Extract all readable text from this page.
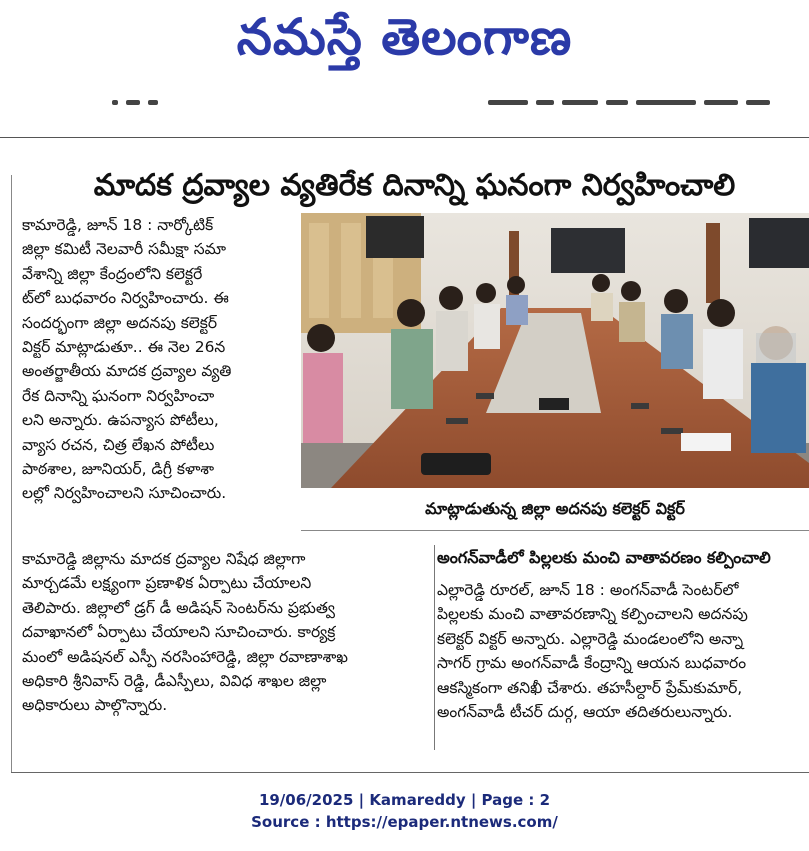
నమస్తే తెలంగాణ
మాదక ద్రవ్యాల వ్యతిరేక దినాన్ని ఘనంగా నిర్వహించాలి
కామారెడ్డి, జూన్ 18 : నార్కోటిక్
జిల్లా కమిటీ నెలవారీ సమీక్షా సమా
వేశాన్ని జిల్లా కేంద్రంలోని కలెక్టరే
ట్‌లో బుధవారం నిర్వహించారు. ఈ
సందర్భంగా జిల్లా అదనపు కలెక్టర్
విక్టర్ మాట్లాడుతూ.. ఈ నెల 26న
అంతర్జాతీయ మాదక ద్రవ్యాల వ్యతి
రేక దినాన్ని ఘనంగా నిర్వహించా
లని అన్నారు. ఉపన్యాస పోటీలు,
వ్యాస రచన, చిత్ర లేఖన పోటీలు
పాఠశాల, జూనియర్, డిగ్రీ కళాశా
లల్లో నిర్వహించాలని సూచించారు.
మాట్లాడుతున్న జిల్లా అదనపు కలెక్టర్ విక్టర్
కామారెడ్డి జిల్లాను మాదక ద్రవ్యాల నిషేధ జిల్లాగా
మార్చడమే లక్ష్యంగా ప్రణాళిక ఏర్పాటు చేయాలని
తెలిపారు. జిల్లాలో డ్రగ్ డీ అడిషన్ సెంటర్‌ను ప్రభుత్వ
దవాఖానలో ఏర్పాటు చేయాలని సూచించారు. కార్యక్ర
మంలో అడిషనల్ ఎస్పీ నరసింహారెడ్డి, జిల్లా రవాణాశాఖ
అధికారి శ్రీనివాస్ రెడ్డి, డీఎస్పీలు, వివిధ శాఖల జిల్లా
అధికారులు పాల్గొన్నారు.
అంగన్‌వాడీలో పిల్లలకు మంచి వాతావరణం కల్పించాలి
ఎల్లారెడ్డి రూరల్, జూన్ 18 : అంగన్‌వాడీ సెంటర్‌లో
పిల్లలకు మంచి వాతావరణాన్ని కల్పించాలని అదనపు
కలెక్టర్ విక్టర్ అన్నారు. ఎల్లారెడ్డి మండలంలోని అన్నా
సాగర్ గ్రామ అంగన్‌వాడీ కేంద్రాన్ని ఆయన బుధవారం
ఆకస్మికంగా తనిఖీ చేశారు. తహసీల్దార్ ప్రేమ్‌కుమార్,
అంగన్‌వాడీ టీచర్ దుర్గ, ఆయా తదితరులున్నారు.
19/06/2025 | Kamareddy | Page : 2
Source : https://epaper.ntnews.com/
